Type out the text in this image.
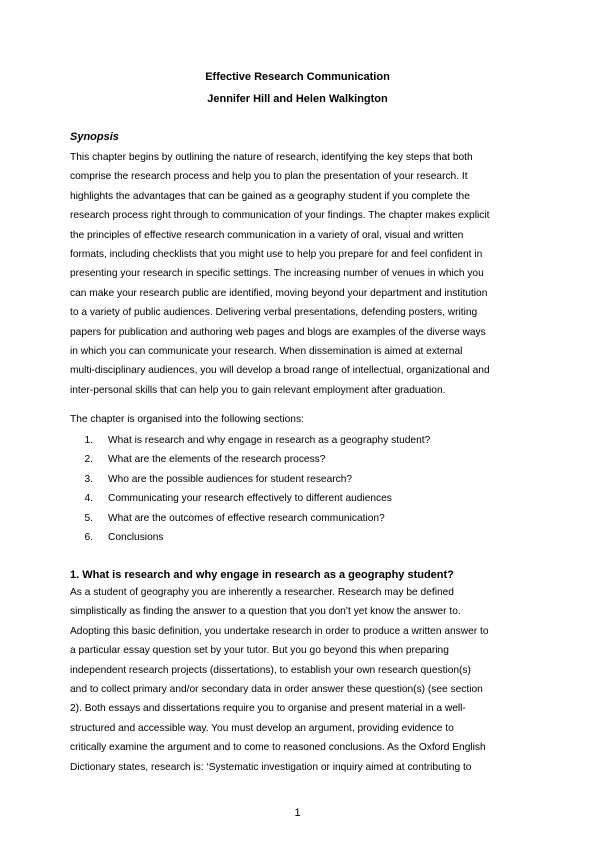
Effective Research Communication
Jennifer Hill and Helen Walkington
Synopsis
This chapter begins by outlining the nature of research, identifying the key steps that both
comprise the research process and help you to plan the presentation of your research. It
highlights the advantages that can be gained as a geography student if you complete the
research process right through to communication of your findings. The chapter makes explicit
the principles of effective research communication in a variety of oral, visual and written
formats, including checklists that you might use to help you prepare for and feel confident in
presenting your research in specific settings. The increasing number of venues in which you
can make your research public are identified, moving beyond your department and institution
to a variety of public audiences. Delivering verbal presentations, defending posters, writing
papers for publication and authoring web pages and blogs are examples of the diverse ways
in which you can communicate your research. When dissemination is aimed at external
multi-disciplinary audiences, you will develop a broad range of intellectual, organizational and
inter-personal skills that can help you to gain relevant employment after graduation.
The chapter is organised into the following sections:
1.	What is research and why engage in research as a geography student?
2.	What are the elements of the research process?
3.	Who are the possible audiences for student research?
4.	Communicating your research effectively to different audiences
5.	What are the outcomes of effective research communication?
6.	Conclusions
1. What is research and why engage in research as a geography student?
As a student of geography you are inherently a researcher. Research may be defined
simplistically as finding the answer to a question that you don’t yet know the answer to.
Adopting this basic definition, you undertake research in order to produce a written answer to
a particular essay question set by your tutor. But you go beyond this when preparing
independent research projects (dissertations), to establish your own research question(s)
and to collect primary and/or secondary data in order answer these question(s) (see section
2). Both essays and dissertations require you to organise and present material in a well-
structured and accessible way. You must develop an argument, providing evidence to
critically examine the argument and to come to reasoned conclusions. As the Oxford English
Dictionary states, research is: ‘Systematic investigation or inquiry aimed at contributing to
1
